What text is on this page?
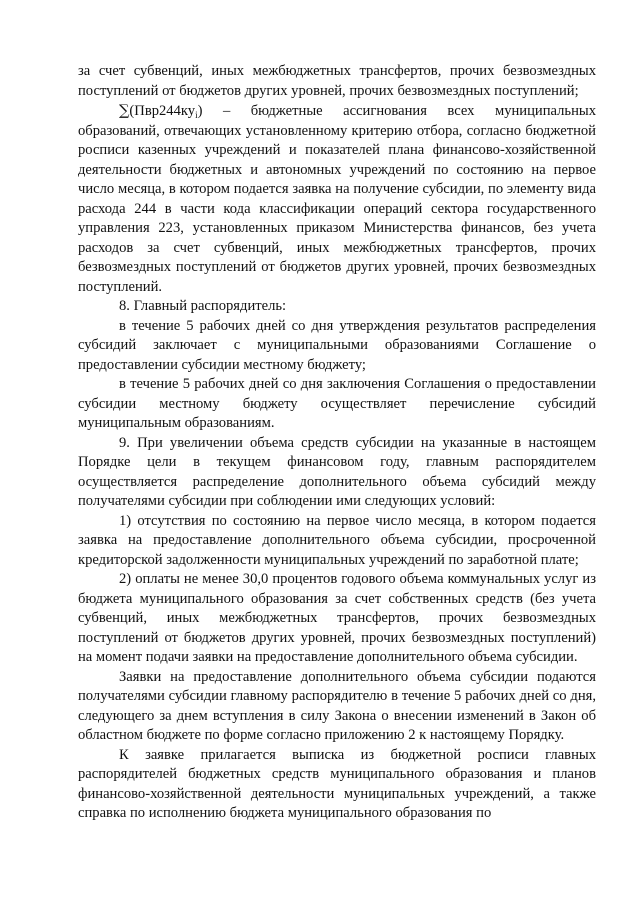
за счет субвенций, иных межбюджетных трансфертов, прочих безвозмездных поступлений от бюджетов других уровней, прочих безвозмездных поступлений;

$\sum(Пвр244ку_i)$ – бюджетные ассигнования всех муниципальных образований, отвечающих установленному критерию отбора, согласно бюджетной росписи казенных учреждений и показателей плана финансово-хозяйственной деятельности бюджетных и автономных учреждений по состоянию на первое число месяца, в котором подается заявка на получение субсидии, по элементу вида расхода 244 в части кода классификации операций сектора государственного управления 223, установленных приказом Министерства финансов, без учета расходов за счет субвенций, иных межбюджетных трансфертов, прочих безвозмездных поступлений от бюджетов других уровней, прочих безвозмездных поступлений.

8. Главный распорядитель:

в течение 5 рабочих дней со дня утверждения результатов распределения субсидий заключает с муниципальными образованиями Соглашение о предоставлении субсидии местному бюджету;

в течение 5 рабочих дней со дня заключения Соглашения о предоставлении субсидии местному бюджету осуществляет перечисление субсидий муниципальным образованиям.

9. При увеличении объема средств субсидии на указанные в настоящем Порядке цели в текущем финансовом году, главным распорядителем осуществляется распределение дополнительного объема субсидий между получателями субсидии при соблюдении ими следующих условий:

1) отсутствия по состоянию на первое число месяца, в котором подается заявка на предоставление дополнительного объема субсидии, просроченной кредиторской задолженности муниципальных учреждений по заработной плате;

2) оплаты не менее 30,0 процентов годового объема коммунальных услуг из бюджета муниципального образования за счет собственных средств (без учета субвенций, иных межбюджетных трансфертов, прочих безвозмездных поступлений от бюджетов других уровней, прочих безвозмездных поступлений) на момент подачи заявки на предоставление дополнительного объема субсидии.

Заявки на предоставление дополнительного объема субсидии подаются получателями субсидии главному распорядителю в течение 5 рабочих дней со дня, следующего за днем вступления в силу Закона о внесении изменений в Закон об областном бюджете по форме согласно приложению 2 к настоящему Порядку.

К заявке прилагается выписка из бюджетной росписи главных распорядителей бюджетных средств муниципального образования и планов финансово-хозяйственной деятельности муниципальных учреждений, а также справка по исполнению бюджета муниципального образования по
